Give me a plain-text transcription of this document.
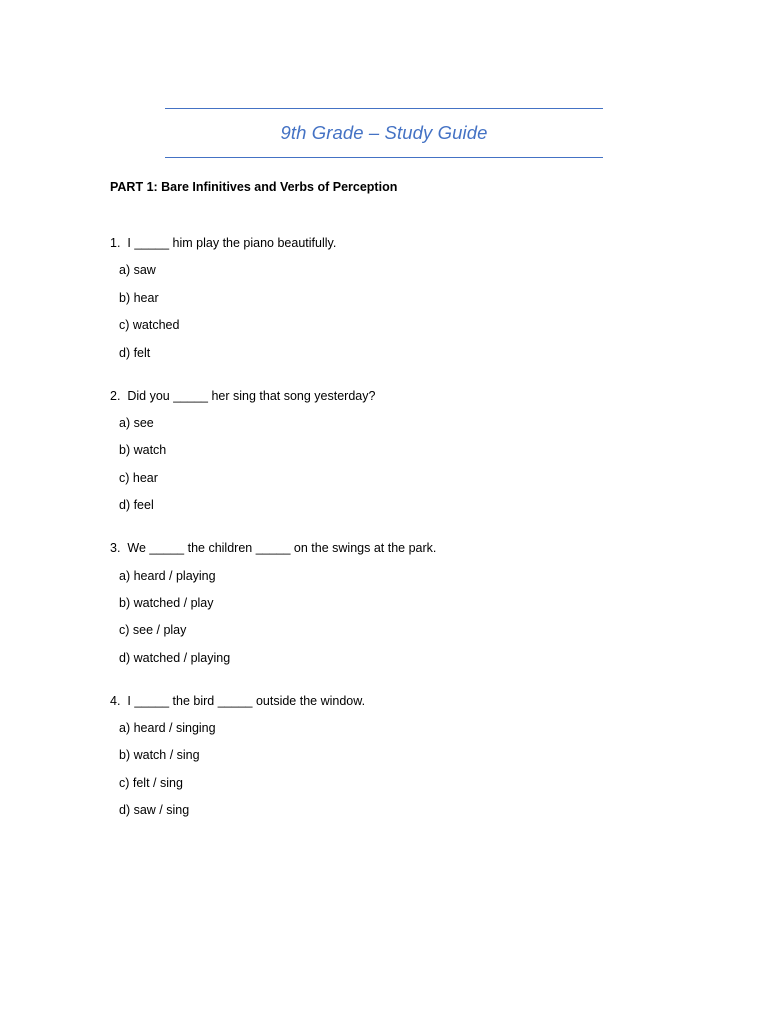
9th Grade – Study Guide
PART 1: Bare Infinitives and Verbs of Perception
1.  I _____ him play the piano beautifully.
a) saw
b) hear
c) watched
d) felt
2.  Did you _____ her sing that song yesterday?
a) see
b) watch
c) hear
d) feel
3.  We _____ the children _____ on the swings at the park.
a) heard / playing
b) watched / play
c) see / play
d) watched / playing
4.  I _____ the bird _____ outside the window.
a) heard / singing
b) watch / sing
c) felt / sing
d) saw / sing
